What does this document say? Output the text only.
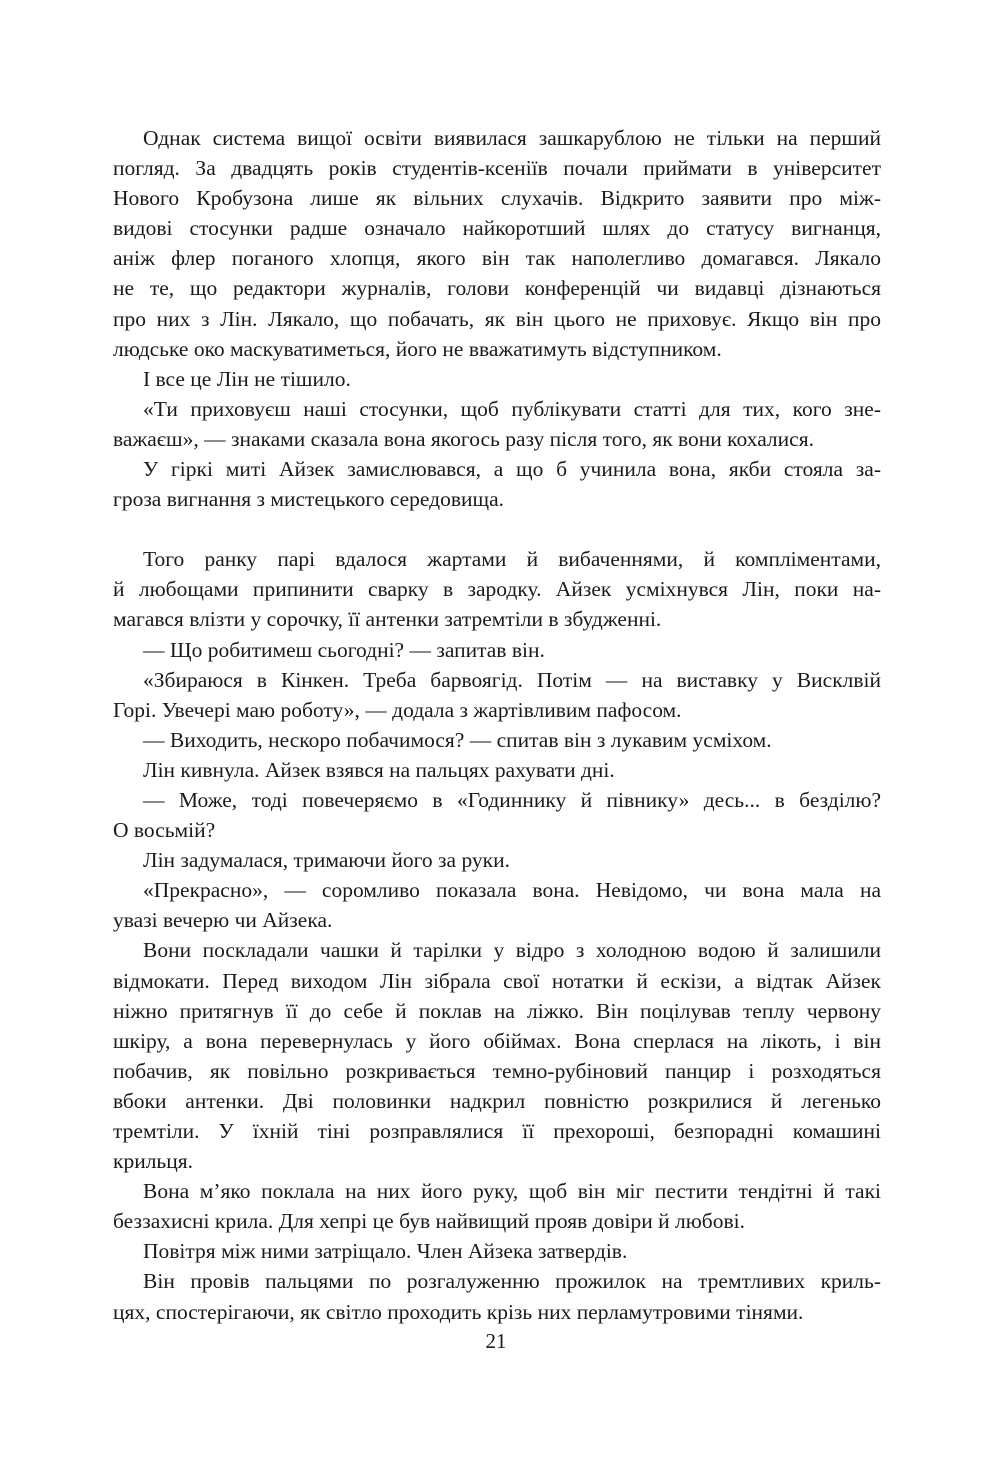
Однак система вищої освіти виявилася зашкарублою не тільки на перший
погляд. За двадцять років студентів-ксеніїв почали приймати в університет
Нового Кробузона лише як вільних слухачів. Відкрито заявити про між-
видові стосунки радше означало найкоротший шлях до статусу вигнанця,
аніж флер поганого хлопця, якого він так наполегливо домагався. Лякало
не те, що редактори журналів, голови конференцій чи видавці дізнаються
про них з Лін. Лякало, що побачать, як він цього не приховує. Якщо він про
людське око маскуватиметься, його не вважатимуть відступником.
І все це Лін не тішило.
«Ти приховуєш наші стосунки, щоб публікувати статті для тих, кого зне-
важаєш», — знаками сказала вона якогось разу після того, як вони кохалися.
У гіркі миті Айзек замислювався, а що б учинила вона, якби стояла за-
гроза вигнання з мистецького середовища.
Того ранку парі вдалося жартами й вибаченнями, й компліментами,
й любощами припинити сварку в зародку. Айзек усміхнувся Лін, поки на-
магався влізти у сорочку, її антенки затремтіли в збудженні.
— Що робитимеш сьогодні? — запитав він.
«Збираюся в Кінкен. Треба барвоягід. Потім — на виставку у Висклвій
Горі. Увечері маю роботу», — додала з жартівливим пафосом.
— Виходить, нескоро побачимося? — спитав він з лукавим усміхом.
Лін кивнула. Айзек взявся на пальцях рахувати дні.
— Може, тоді повечеряємо в «Годиннику й півнику» десь... в безділю?
О восьмій?
Лін задумалася, тримаючи його за руки.
«Прекрасно», — соромливо показала вона. Невідомо, чи вона мала на
увазі вечерю чи Айзека.
Вони поскладали чашки й тарілки у відро з холодною водою й залишили
відмокати. Перед виходом Лін зібрала свої нотатки й ескізи, а відтак Айзек
ніжно притягнув її до себе й поклав на ліжко. Він поцілував теплу червону
шкіру, а вона перевернулась у його обіймах. Вона сперлася на лікоть, і він
побачив, як повільно розкривається темно-рубіновий панцир і розходяться
вбоки антенки. Дві половинки надкрил повністю розкрилися й легенько
тремтіли. У їхній тіні розправлялися її прехороші, безпорадні комашині
крильця.
Вона м’яко поклала на них його руку, щоб він міг пестити тендітні й такі
беззахисні крила. Для хепрі це був найвищий прояв довіри й любові.
Повітря між ними затріщало. Член Айзека затвердів.
Він провів пальцями по розгалуженню прожилок на тремтливих криль-
цях, спостерігаючи, як світло проходить крізь них перламутровими тінями.
21
